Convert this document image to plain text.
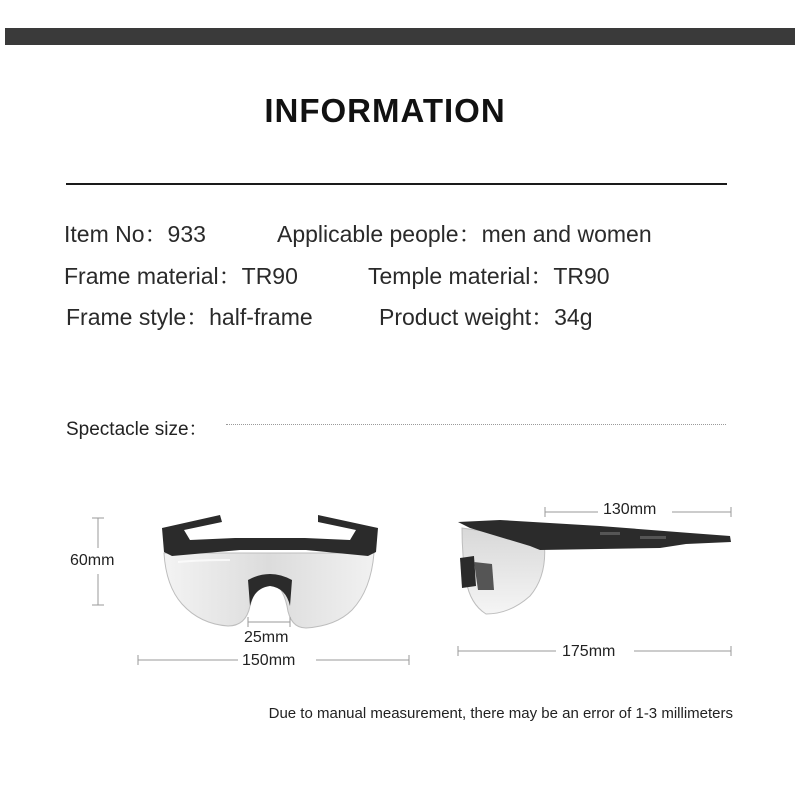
INFORMATION
Item No：933	Applicable people：men and women
Frame material：TR90	Temple material：TR90
Frame style：half-frame	Product weight：34g
Spectacle size：
60mm
25mm
150mm
130mm
175mm
Due to manual measurement, there may be an error of 1-3 millimeters
